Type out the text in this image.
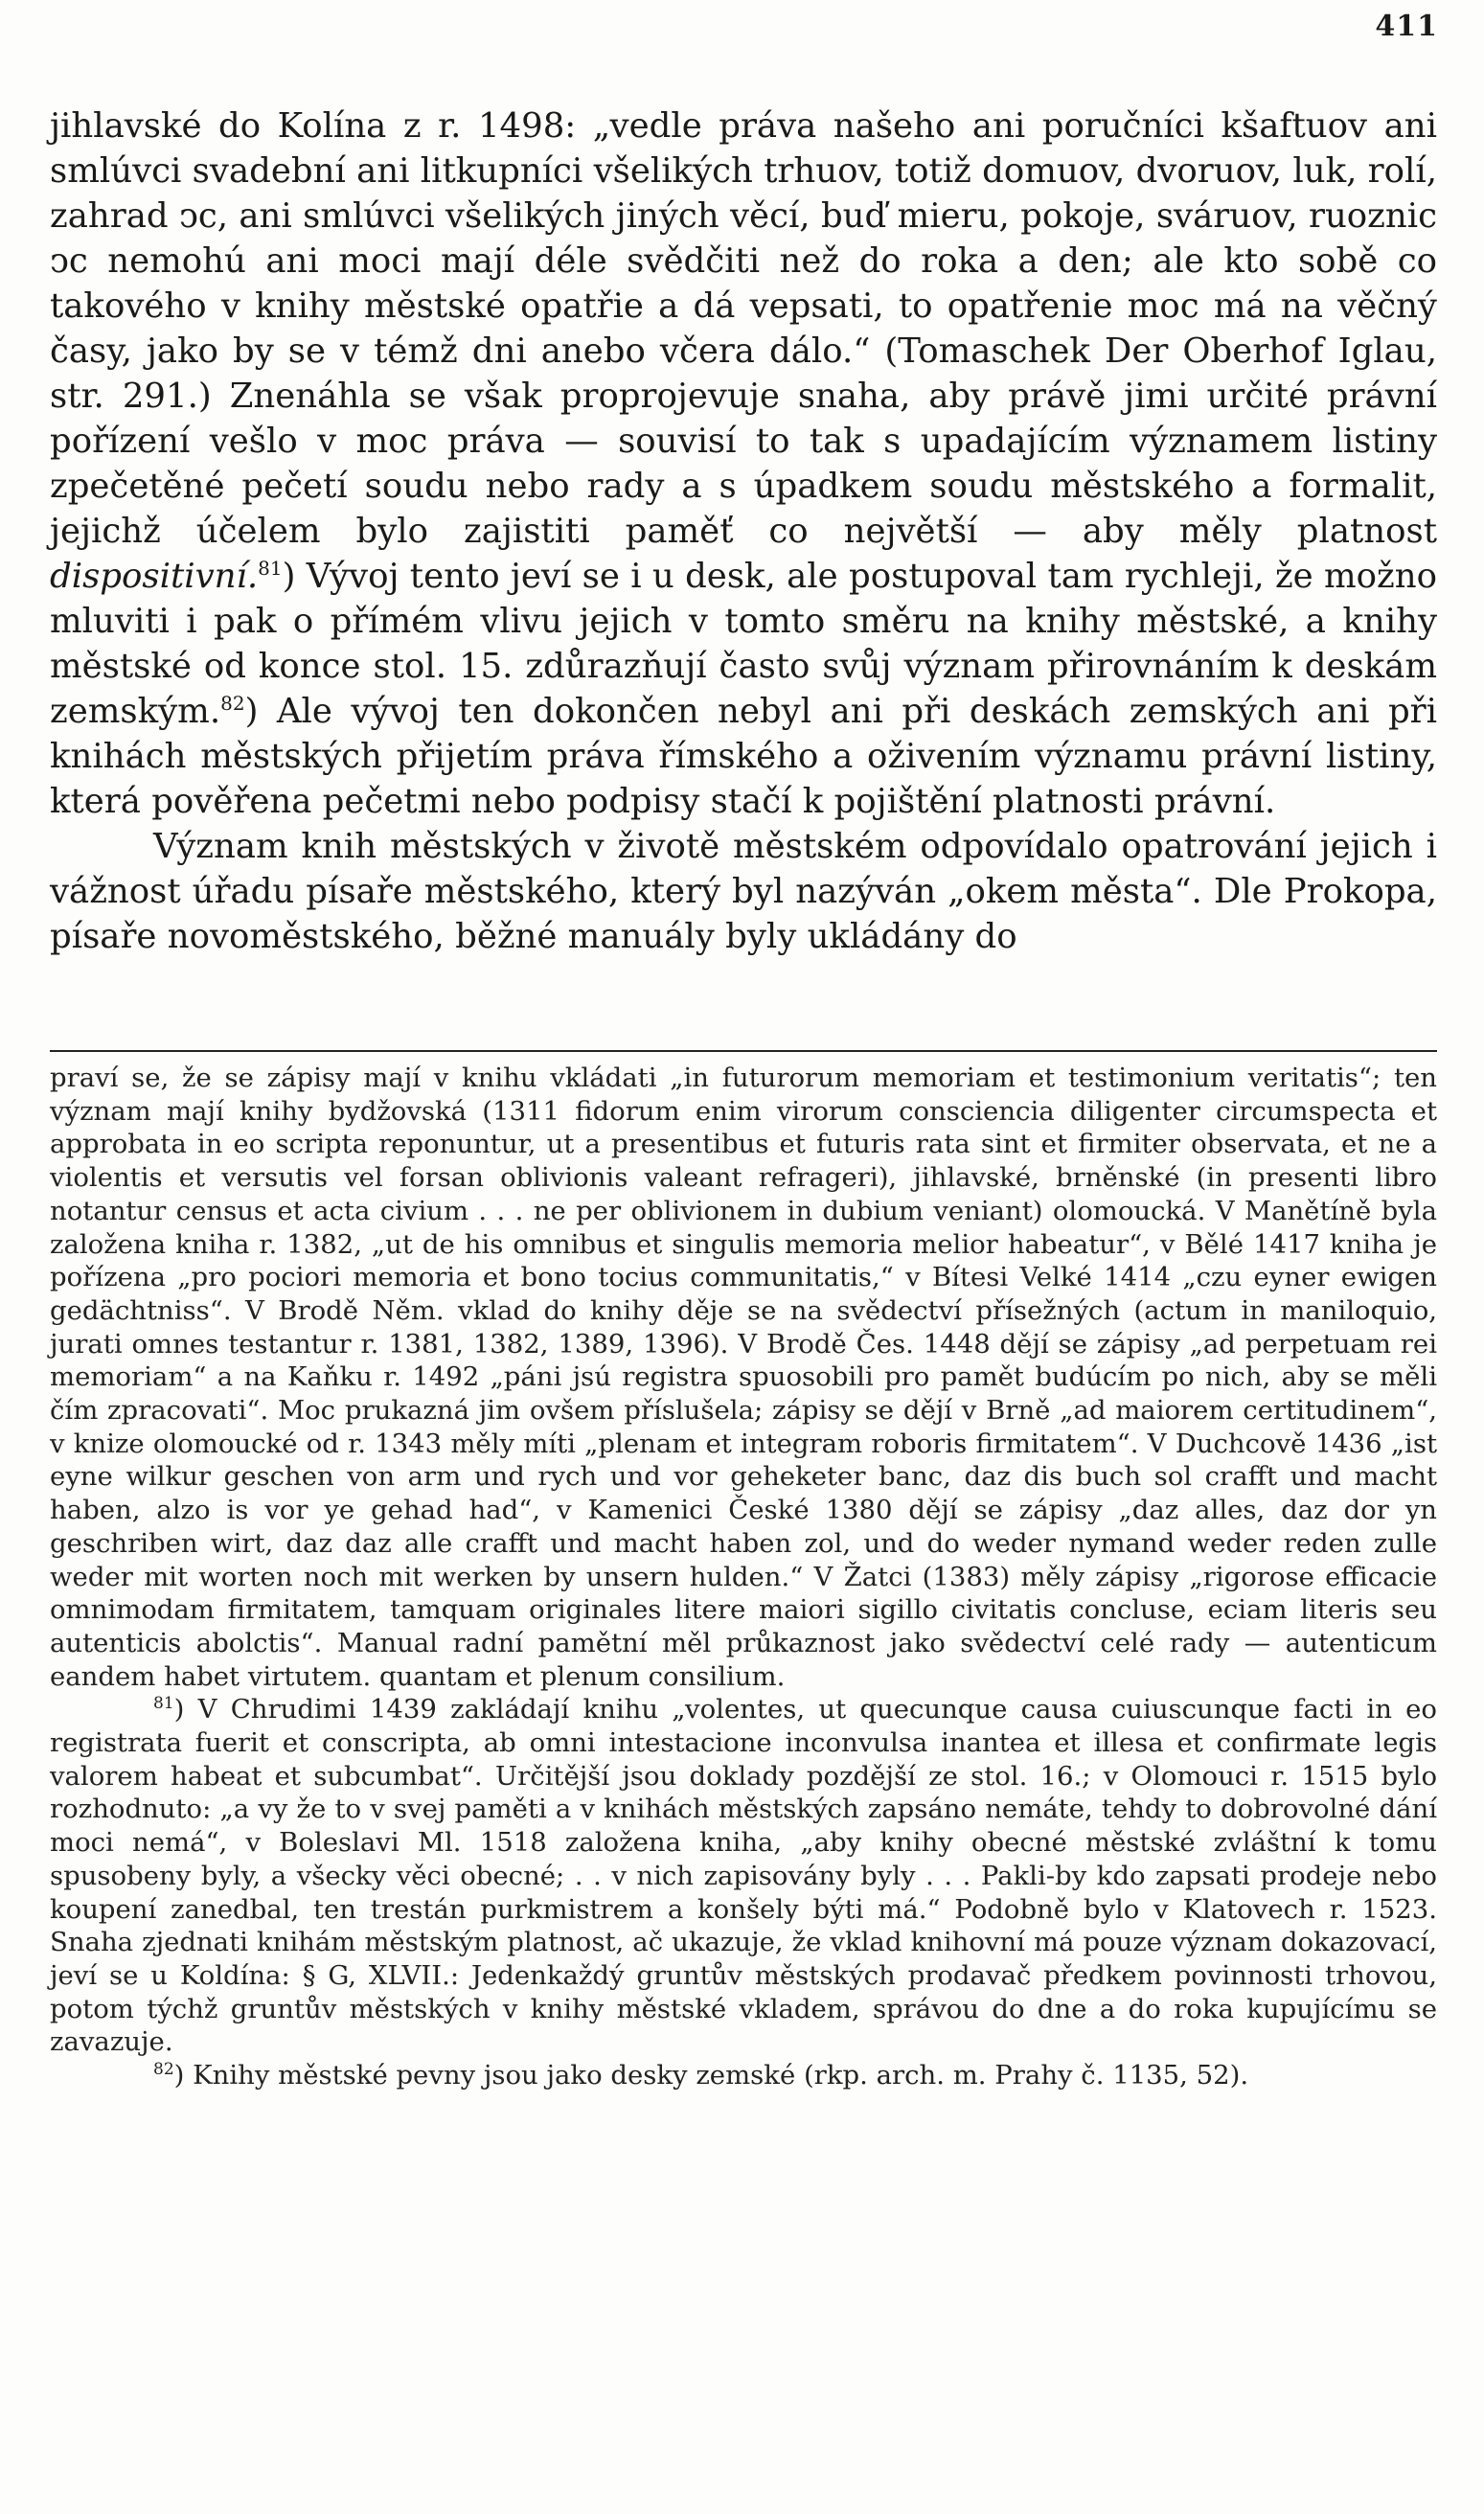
411

jihlavské do Kolína z r. 1498: „vedle práva našeho ani poručníci kšaftuov ani smlúvci svadební ani litkupníci všelikých trhuov, totiž domuov, dvoruov, luk, rolí, zahrad ↄc, ani smlúvci všelikých jiných věcí, buď mieru, pokoje, sváruov, ruoznic ↄc nemohú ani moci mají déle svědčiti než do roka a den; ale kto sobě co takového v knihy městské opatřie a dá vepsati, to opatřenie moc má na věčný časy, jako by se v témž dni anebo včera dálo.“ (Tomaschek Der Oberhof Iglau, str. 291.) Znenáhla se však proprojevuje snaha, aby právě jimi určité právní pořízení vešlo v moc práva — souvisí to tak s upadajícím významem listiny zpečetěné pečetí soudu nebo rady a s úpadkem soudu městského a formalit, jejichž účelem bylo zajistiti paměť co největší — aby měly platnost dispositivní.$^{81}$) Vývoj tento jeví se i u desk, ale postupoval tam rychleji, že možno mluviti i pak o přímém vlivu jejich v tomto směru na knihy městské, a knihy městské od konce stol. 15. zdůrazňují často svůj význam přirovnáním k deskám zemským.$^{82}$) Ale vývoj ten dokončen nebyl ani při deskách zemských ani při knihách městských přijetím práva římského a oživením významu právní listiny, která pověřena pečetmi nebo podpisy stačí k pojištění platnosti právní.

Význam knih městských v životě městském odpovídalo opatrování jejich i vážnost úřadu písaře městského, který byl nazýván „okem města“. Dle Prokopa, písaře novoměstského, běžné manuály byly ukládány do

praví se, že se zápisy mají v knihu vkládati „in futurorum memoriam et testimonium veritatis“; ten význam mají knihy bydžovská (1311 fidorum enim virorum consciencia diligenter circumspecta et approbata in eo scripta reponuntur, ut a presentibus et futuris rata sint et firmiter observata, et ne a violentis et versutis vel forsan oblivionis valeant refrageri), jihlavské, brněnské (in presenti libro notantur census et acta civium . . . ne per oblivionem in dubium veniant) olomoucká. V Manětíně byla založena kniha r. 1382, „ut de his omnibus et singulis memoria melior habeatur“, v Bělé 1417 kniha je pořízena „pro pociori memoria et bono tocius communitatis,“ v Bítesi Velké 1414 „czu eyner ewigen gedächtniss“. V Brodě Něm. vklad do knihy děje se na svědectví přísežných (actum in maniloquio, jurati omnes testantur r. 1381, 1382, 1389, 1396). V Brodě Čes. 1448 dějí se zápisy „ad perpetuam rei memoriam“ a na Kaňku r. 1492 „páni jsú registra spuosobili pro pamět budúcím po nich, aby se měli čím zpracovati“. Moc prukazná jim ovšem příslušela; zápisy se dějí v Brně „ad maiorem certitudinem“, v knize olomoucké od r. 1343 měly míti „plenam et integram roboris firmitatem“. V Duchcově 1436 „ist eyne wilkur geschen von arm und rych und vor geheketer banc, daz dis buch sol crafft und macht haben, alzo is vor ye gehad had“, v Kamenici České 1380 dějí se zápisy „daz alles, daz dor yn geschriben wirt, daz daz alle crafft und macht haben zol, und do weder nymand weder reden zulle weder mit worten noch mit werken by unsern hulden.“ V Žatci (1383) měly zápisy „rigorose efficacie omnimodam firmitatem, tamquam originales litere maiori sigillo civitatis concluse, eciam literis seu autenticis abolctis“. Manual radní pamětní měl průkaznost jako svědectví celé rady — autenticum eandem habet virtutem. quantam et plenum consilium.

$^{81}$) V Chrudimi 1439 zakládají knihu „volentes, ut quecunque causa cuiuscunque facti in eo registrata fuerit et conscripta, ab omni intestacione inconvulsa inantea et illesa et confirmate legis valorem habeat et subcumbat“. Určitější jsou doklady pozdější ze stol. 16.; v Olomouci r. 1515 bylo rozhodnuto: „a vy že to v svej paměti a v knihách městských zapsáno nemáte, tehdy to dobrovolné dání moci nemá“, v Boleslavi Ml. 1518 založena kniha, „aby knihy obecné městské zvláštní k tomu spusobeny byly, a všecky věci obecné; . . v nich zapisovány byly . . . Pakli-by kdo zapsati prodeje nebo koupení zanedbal, ten trestán purkmistrem a konšely býti má.“ Podobně bylo v Klatovech r. 1523. Snaha zjednati knihám městským platnost, ač ukazuje, že vklad knihovní má pouze význam dokazovací, jeví se u Koldína: § G, XLVII.: Jedenkaždý gruntův městských prodavač předkem povinnosti trhovou, potom týchž gruntův městských v knihy městské vkladem, správou do dne a do roka kupujícímu se zavazuje.

$^{82}$) Knihy městské pevny jsou jako desky zemské (rkp. arch. m. Prahy č. 1135, 52).
